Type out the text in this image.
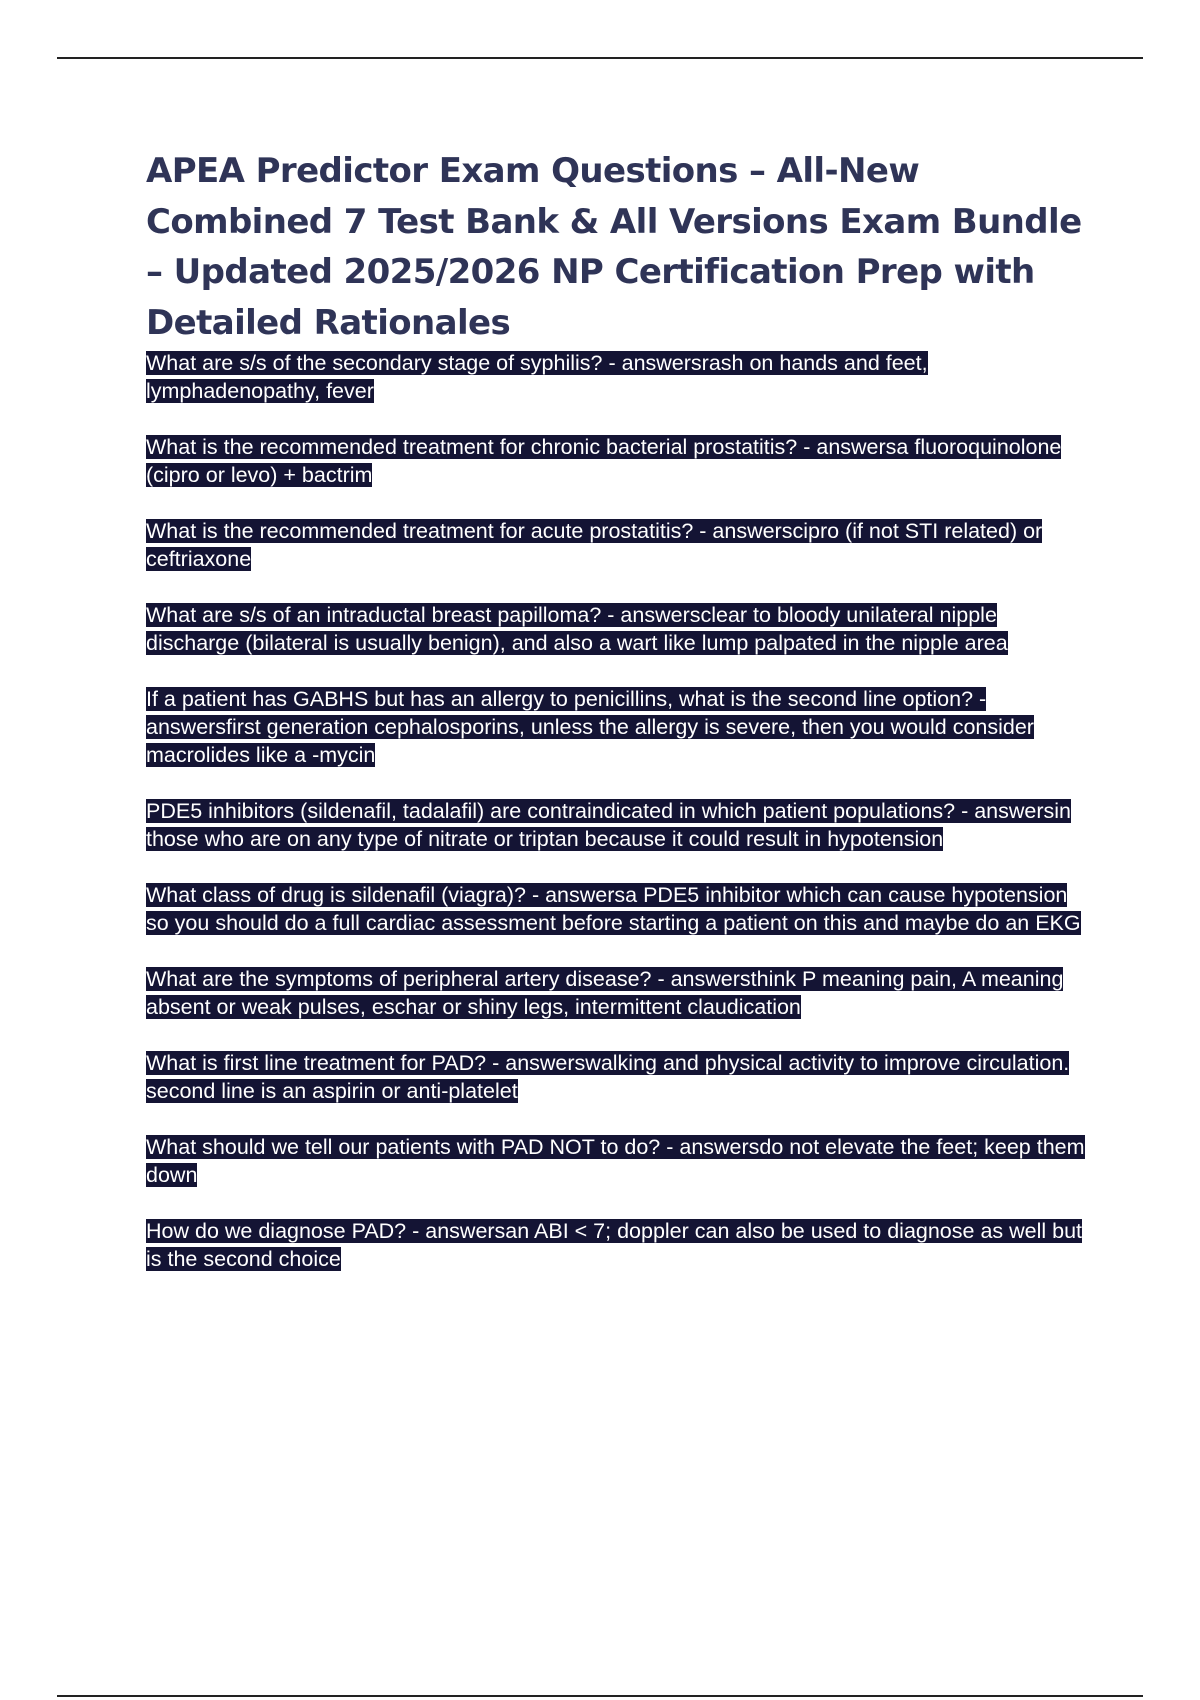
APEA Predictor Exam Questions – All-New Combined 7 Test Bank & All Versions Exam Bundle – Updated 2025/2026 NP Certification Prep with Detailed Rationales
What are s/s of the secondary stage of syphilis? - answersrash on hands and feet, lymphadenopathy, fever
What is the recommended treatment for chronic bacterial prostatitis? - answersa fluoroquinolone (cipro or levo) + bactrim
What is the recommended treatment for acute prostatitis? - answerscipro (if not STI related) or ceftriaxone
What are s/s of an intraductal breast papilloma? - answersclear to bloody unilateral nipple discharge (bilateral is usually benign), and also a wart like lump palpated in the nipple area
If a patient has GABHS but has an allergy to penicillins, what is the second line option? - answersfirst generation cephalosporins, unless the allergy is severe, then you would consider macrolides like a -mycin
PDE5 inhibitors (sildenafil, tadalafil) are contraindicated in which patient populations? - answersin those who are on any type of nitrate or triptan because it could result in hypotension
What class of drug is sildenafil (viagra)? - answersa PDE5 inhibitor which can cause hypotension so you should do a full cardiac assessment before starting a patient on this and maybe do an EKG
What are the symptoms of peripheral artery disease? - answersthink P meaning pain, A meaning absent or weak pulses, eschar or shiny legs, intermittent claudication
What is first line treatment for PAD? - answerswalking and physical activity to improve circulation. second line is an aspirin or anti-platelet
What should we tell our patients with PAD NOT to do? - answersdo not elevate the feet; keep them down
How do we diagnose PAD? - answersan ABI < 7; doppler can also be used to diagnose as well but is the second choice
